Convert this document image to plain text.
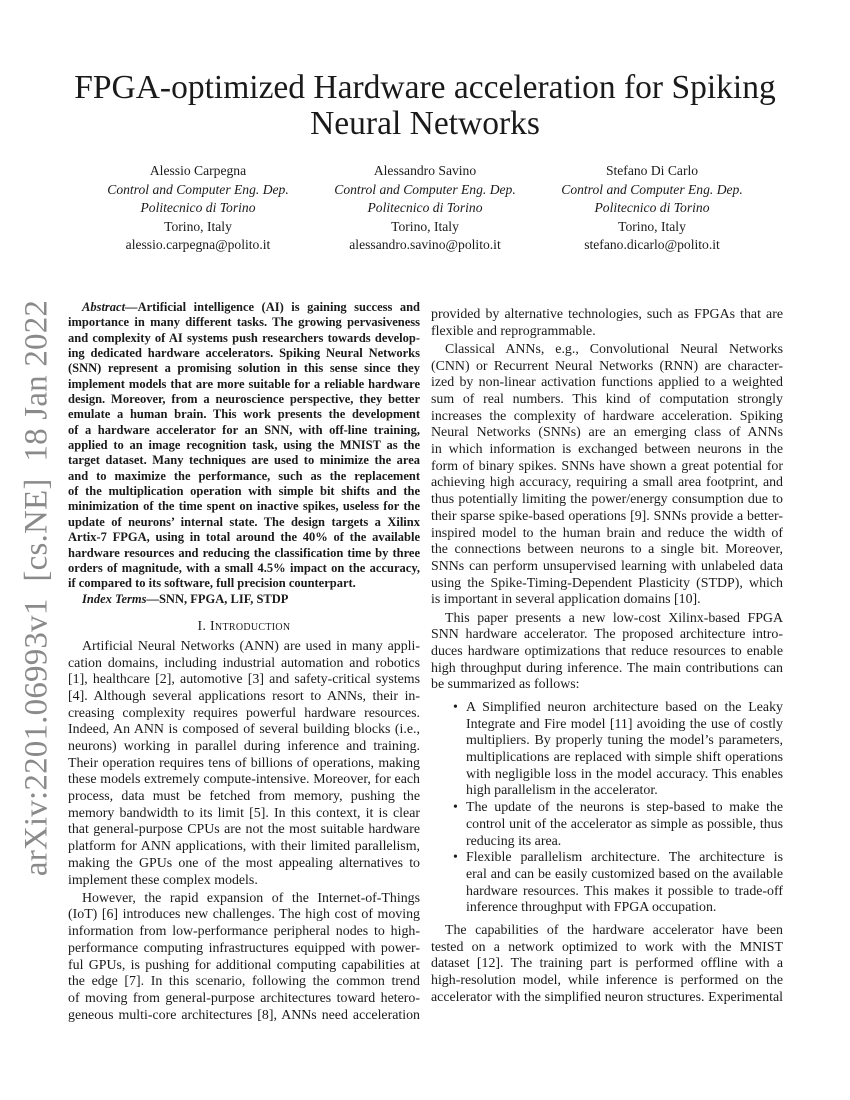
arXiv:2201.06993v1  [cs.NE]  18 Jan 2022
FPGA-optimized Hardware acceleration for Spiking
Neural Networks
Alessio Carpegna
Control and Computer Eng. Dep.
Politecnico di Torino
Torino, Italy
alessio.carpegna@polito.it
Alessandro Savino
Control and Computer Eng. Dep.
Politecnico di Torino
Torino, Italy
alessandro.savino@polito.it
Stefano Di Carlo
Control and Computer Eng. Dep.
Politecnico di Torino
Torino, Italy
stefano.dicarlo@polito.it
Abstract—Artificial intelligence (AI) is gaining success and
importance in many different tasks. The growing pervasiveness
and complexity of AI systems push researchers towards develop-
ing dedicated hardware accelerators. Spiking Neural Networks
(SNN) represent a promising solution in this sense since they
implement models that are more suitable for a reliable hardware
design. Moreover, from a neuroscience perspective, they better
emulate a human brain. This work presents the development
of a hardware accelerator for an SNN, with off-line training,
applied to an image recognition task, using the MNIST as the
target dataset. Many techniques are used to minimize the area
and to maximize the performance, such as the replacement
of the multiplication operation with simple bit shifts and the
minimization of the time spent on inactive spikes, useless for the
update of neurons’ internal state. The design targets a Xilinx
Artix-7 FPGA, using in total around the 40% of the available
hardware resources and reducing the classification time by three
orders of magnitude, with a small 4.5% impact on the accuracy,
if compared to its software, full precision counterpart.
Index Terms—SNN, FPGA, LIF, STDP
I. Introduction
Artificial Neural Networks (ANN) are used in many appli-
cation domains, including industrial automation and robotics
[1], healthcare [2], automotive [3] and safety-critical systems
[4]. Although several applications resort to ANNs, their in-
creasing complexity requires powerful hardware resources.
Indeed, An ANN is composed of several building blocks (i.e.,
neurons) working in parallel during inference and training.
Their operation requires tens of billions of operations, making
these models extremely compute-intensive. Moreover, for each
process, data must be fetched from memory, pushing the
memory bandwidth to its limit [5]. In this context, it is clear
that general-purpose CPUs are not the most suitable hardware
platform for ANN applications, with their limited parallelism,
making the GPUs one of the most appealing alternatives to
implement these complex models.
However, the rapid expansion of the Internet-of-Things
(IoT) [6] introduces new challenges. The high cost of moving
information from low-performance peripheral nodes to high-
performance computing infrastructures equipped with power-
ful GPUs, is pushing for additional computing capabilities at
the edge [7]. In this scenario, following the common trend
of moving from general-purpose architectures toward hetero-
geneous multi-core architectures [8], ANNs need acceleration
provided by alternative technologies, such as FPGAs that are
flexible and reprogrammable.
Classical ANNs, e.g., Convolutional Neural Networks
(CNN) or Recurrent Neural Networks (RNN) are character-
ized by non-linear activation functions applied to a weighted
sum of real numbers. This kind of computation strongly
increases the complexity of hardware acceleration. Spiking
Neural Networks (SNNs) are an emerging class of ANNs
in which information is exchanged between neurons in the
form of binary spikes. SNNs have shown a great potential for
achieving high accuracy, requiring a small area footprint, and
thus potentially limiting the power/energy consumption due to
their sparse spike-based operations [9]. SNNs provide a better-
inspired model to the human brain and reduce the width of
the connections between neurons to a single bit. Moreover,
SNNs can perform unsupervised learning with unlabeled data
using the Spike-Timing-Dependent Plasticity (STDP), which
is important in several application domains [10].
This paper presents a new low-cost Xilinx-based FPGA
SNN hardware accelerator. The proposed architecture intro-
duces hardware optimizations that reduce resources to enable
high throughput during inference. The main contributions can
be summarized as follows:
• A Simplified neuron architecture based on the Leaky
Integrate and Fire model [11] avoiding the use of costly
multipliers. By properly tuning the model’s parameters,
multiplications are replaced with simple shift operations
with negligible loss in the model accuracy. This enables
high parallelism in the accelerator.
• The update of the neurons is step-based to make the
control unit of the accelerator as simple as possible, thus
reducing its area.
• Flexible parallelism architecture. The architecture is
eral and can be easily customized based on the available
hardware resources. This makes it possible to trade-off
inference throughput with FPGA occupation.
The capabilities of the hardware accelerator have been
tested on a network optimized to work with the MNIST
dataset [12]. The training part is performed offline with a
high-resolution model, while inference is performed on the
accelerator with the simplified neuron structures. Experimental
